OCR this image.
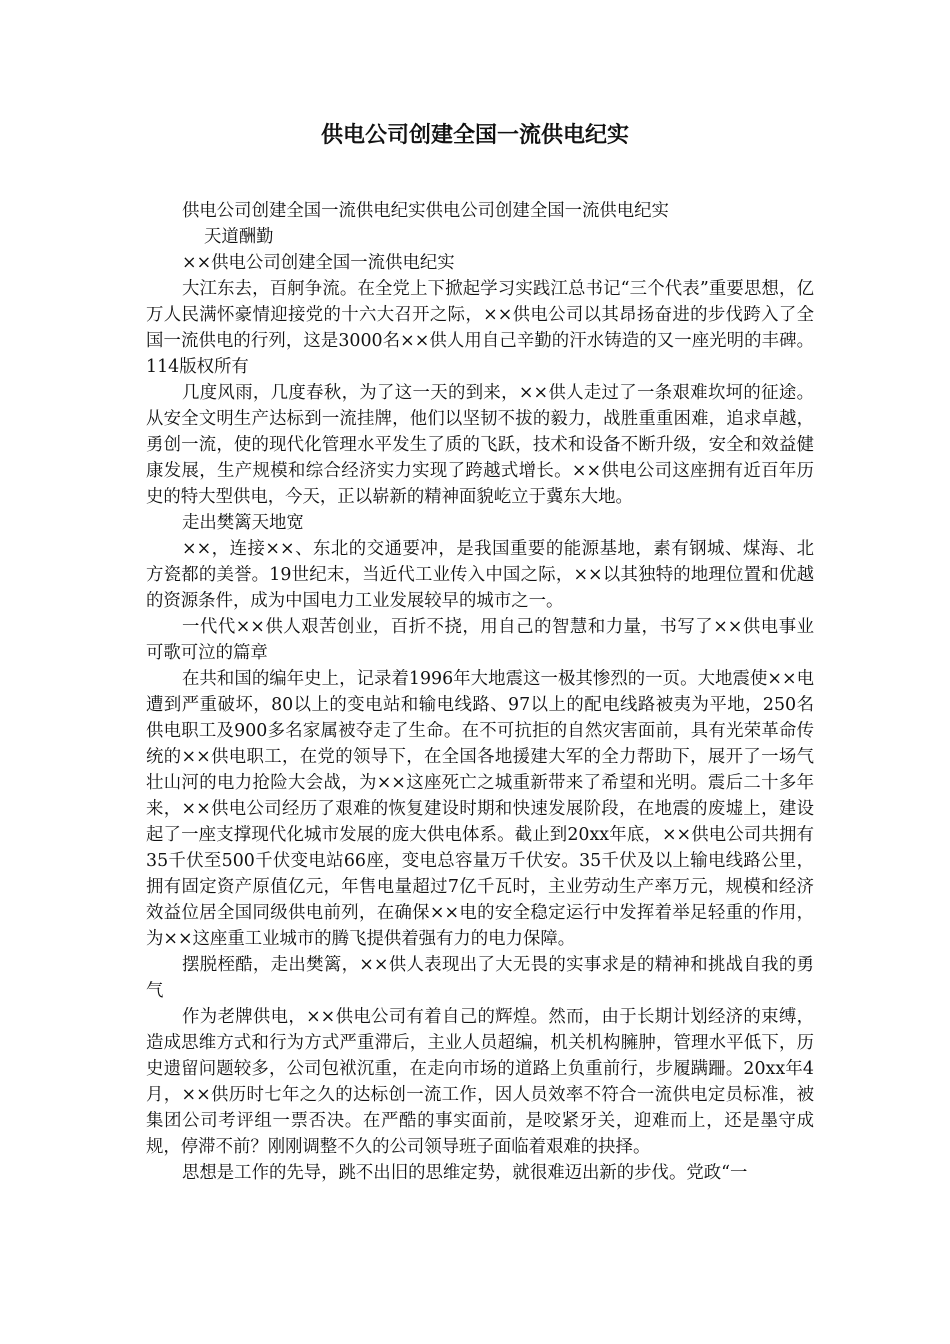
供电公司创建全国一流供电纪实

供电公司创建全国一流供电纪实供电公司创建全国一流供电纪实

天道酬勤

××供电公司创建全国一流供电纪实

大江东去，百舸争流。在全党上下掀起学习实践江总书记“三个代表”重要思想，亿万人民满怀豪情迎接党的十六大召开之际，××供电公司以其昂扬奋进的步伐跨入了全国一流供电的行列，这是3000名××供人用自己辛勤的汗水铸造的又一座光明的丰碑。114版权所有

几度风雨，几度春秋，为了这一天的到来，××供人走过了一条艰难坎坷的征途。从安全文明生产达标到一流挂牌，他们以坚韧不拔的毅力，战胜重重困难，追求卓越，勇创一流，使的现代化管理水平发生了质的飞跃，技术和设备不断升级，安全和效益健康发展，生产规模和综合经济实力实现了跨越式增长。××供电公司这座拥有近百年历史的特大型供电，今天，正以崭新的精神面貌屹立于冀东大地。

走出樊篱天地宽

××，连接××、东北的交通要冲，是我国重要的能源基地，素有钢城、煤海、北方瓷都的美誉。19世纪末，当近代工业传入中国之际，××以其独特的地理位置和优越的资源条件，成为中国电力工业发展较早的城市之一。

一代代××供人艰苦创业，百折不挠，用自己的智慧和力量，书写了××供电事业可歌可泣的篇章

在共和国的编年史上，记录着1996年大地震这一极其惨烈的一页。大地震使××电遭到严重破坏，80以上的变电站和输电线路、97以上的配电线路被夷为平地，250名供电职工及900多名家属被夺走了生命。在不可抗拒的自然灾害面前，具有光荣革命传统的××供电职工，在党的领导下，在全国各地援建大军的全力帮助下，展开了一场气壮山河的电力抢险大会战，为××这座死亡之城重新带来了希望和光明。震后二十多年来，××供电公司经历了艰难的恢复建设时期和快速发展阶段，在地震的废墟上，建设起了一座支撑现代化城市发展的庞大供电体系。截止到20xx年底，××供电公司共拥有35千伏至500千伏变电站66座，变电总容量万千伏安。35千伏及以上输电线路公里，拥有固定资产原值亿元，年售电量超过7亿千瓦时，主业劳动生产率万元，规模和经济效益位居全国同级供电前列，在确保××电的安全稳定运行中发挥着举足轻重的作用，为××这座重工业城市的腾飞提供着强有力的电力保障。

摆脱桎酷，走出樊篱，××供人表现出了大无畏的实事求是的精神和挑战自我的勇气

作为老牌供电，××供电公司有着自己的辉煌。然而，由于长期计划经济的束缚，造成思维方式和行为方式严重滞后，主业人员超编，机关机构臃肿，管理水平低下，历史遗留问题较多，公司包袱沉重，在走向市场的道路上负重前行，步履蹒跚。20xx年4月，××供历时七年之久的达标创一流工作，因人员效率不符合一流供电定员标准，被集团公司考评组一票否决。在严酷的事实面前，是咬紧牙关，迎难而上，还是墨守成规，停滞不前？刚刚调整不久的公司领导班子面临着艰难的抉择。

思想是工作的先导，跳不出旧的思维定势，就很难迈出新的步伐。党政“一
